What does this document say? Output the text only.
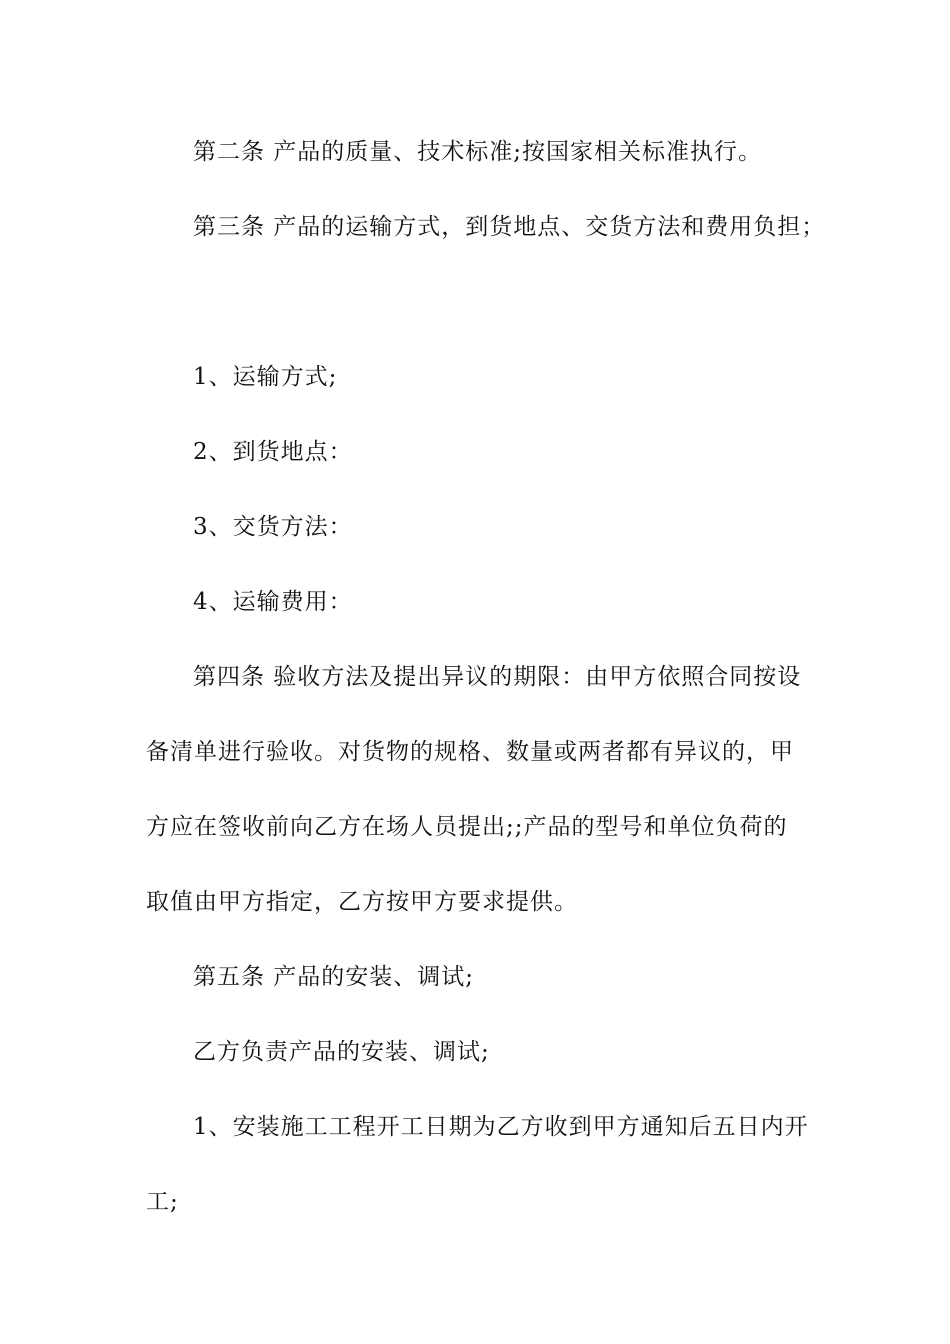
第二条 产品的质量、技术标准;按国家相关标准执行。
第三条 产品的运输方式，到货地点、交货方法和费用负担；
1、运输方式;
2、到货地点：
3、交货方法：
4、运输费用：
第四条 验收方法及提出异议的期限：由甲方依照合同按设
备清单进行验收。对货物的规格、数量或两者都有异议的，甲
方应在签收前向乙方在场人员提出;;产品的型号和单位负荷的
取值由甲方指定，乙方按甲方要求提供。
第五条 产品的安装、调试;
乙方负责产品的安装、调试;
1、安装施工工程开工日期为乙方收到甲方通知后五日内开
工;
